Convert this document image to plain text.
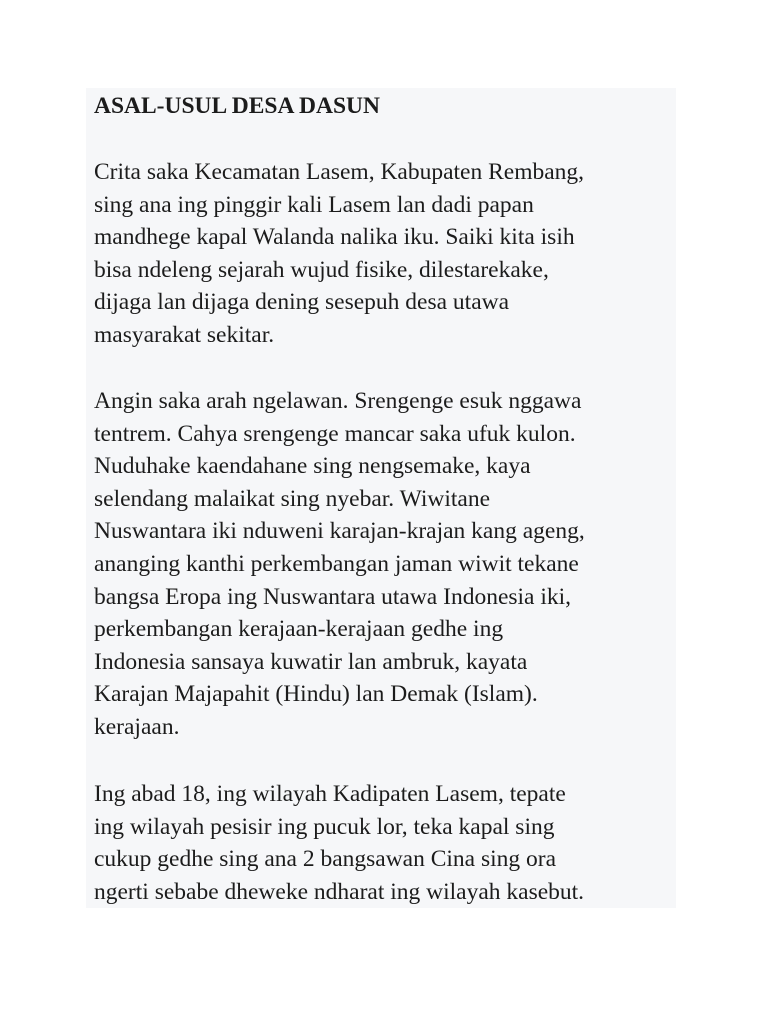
ASAL-USUL DESA DASUN

Crita saka Kecamatan Lasem, Kabupaten Rembang,
sing ana ing pinggir kali Lasem lan dadi papan
mandhege kapal Walanda nalika iku. Saiki kita isih
bisa ndeleng sejarah wujud fisike, dilestarekake,
dijaga lan dijaga dening sesepuh desa utawa
masyarakat sekitar.

Angin saka arah ngelawan. Srengenge esuk nggawa
tentrem. Cahya srengenge mancar saka ufuk kulon.
Nuduhake kaendahane sing nengsemake, kaya
selendang malaikat sing nyebar. Wiwitane
Nuswantara iki nduweni karajan-krajan kang ageng,
ananging kanthi perkembangan jaman wiwit tekane
bangsa Eropa ing Nuswantara utawa Indonesia iki,
perkembangan kerajaan-kerajaan gedhe ing
Indonesia sansaya kuwatir lan ambruk, kayata
Karajan Majapahit (Hindu) lan Demak (Islam).
kerajaan.

Ing abad 18, ing wilayah Kadipaten Lasem, tepate
ing wilayah pesisir ing pucuk lor, teka kapal sing
cukup gedhe sing ana 2 bangsawan Cina sing ora
ngerti sebabe dheweke ndharat ing wilayah kasebut.
